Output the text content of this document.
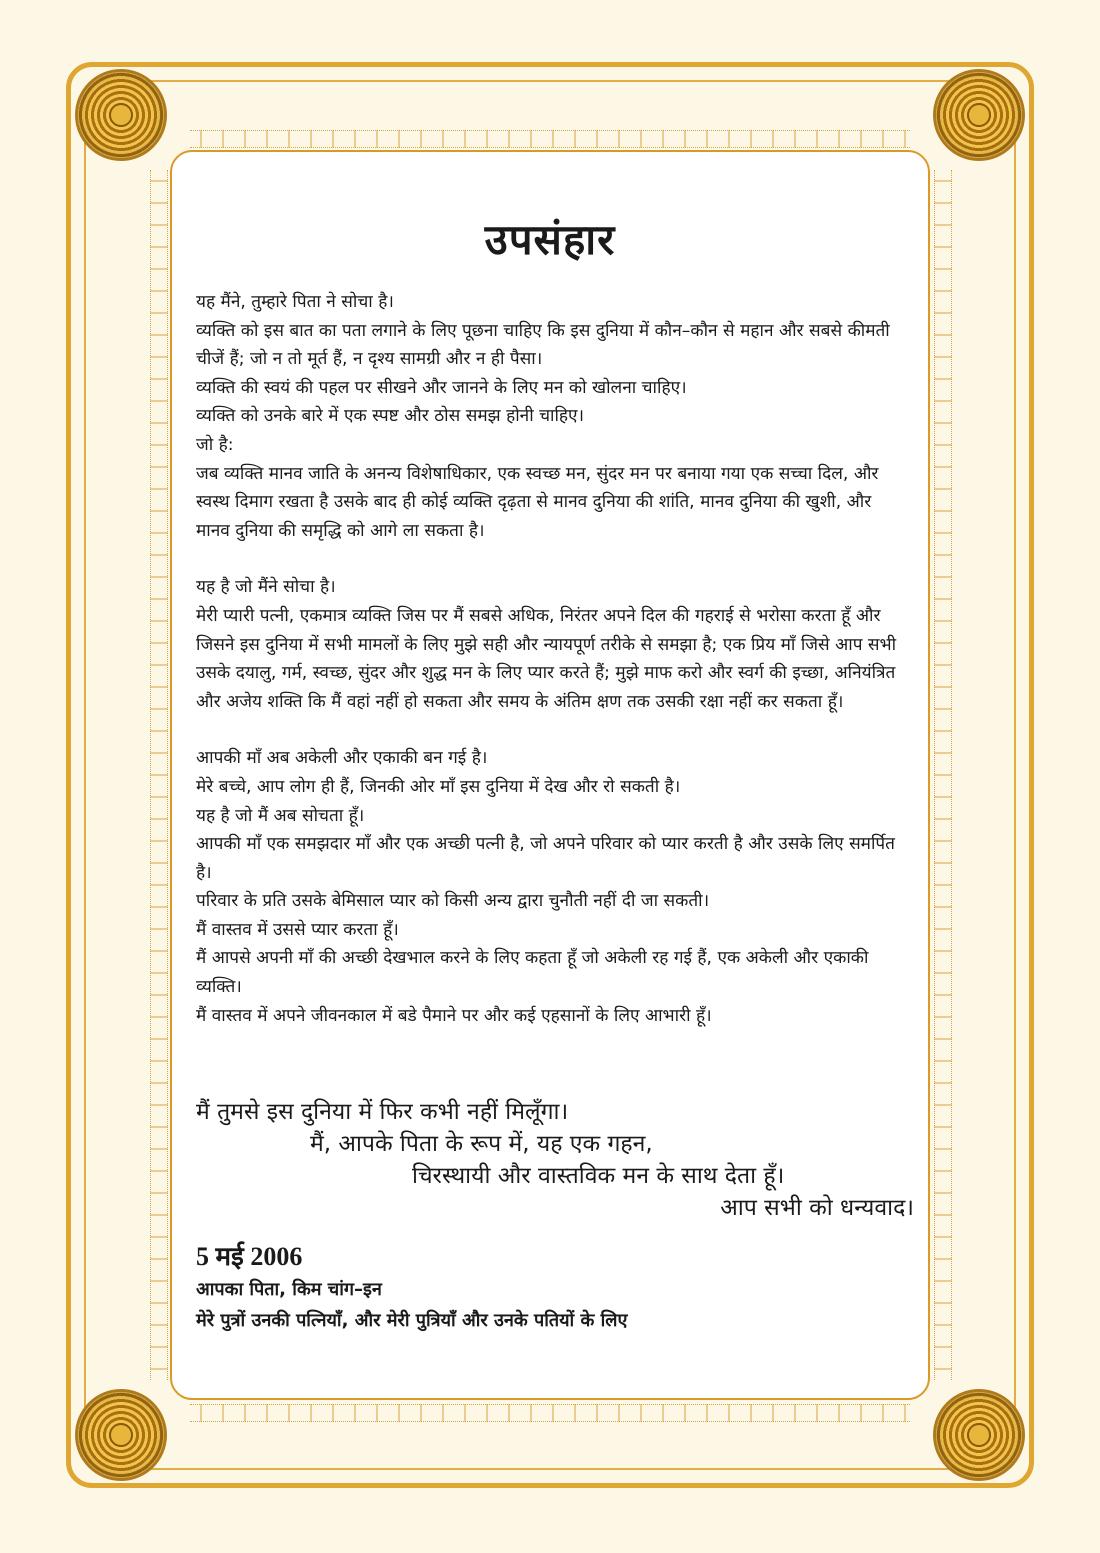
उपसंहार

यह मैंने, तुम्हारे पिता ने सोचा है।

व्यक्ति को इस बात का पता लगाने के लिए पूछना चाहिए कि इस दुनिया में कौन–कौन से महान और सबसे कीमती चीजें हैं; जो न तो मूर्त हैं, न दृश्य सामग्री और न ही पैसा।

व्यक्ति की स्वयं की पहल पर सीखने और जानने के लिए मन को खोलना चाहिए।

व्यक्ति को उनके बारे में एक स्पष्ट और ठोस समझ होनी चाहिए।

जो है:

जब व्यक्ति मानव जाति के अनन्य विशेषाधिकार, एक स्वच्छ मन, सुंदर मन पर बनाया गया एक सच्चा दिल, और स्वस्थ दिमाग रखता है उसके बाद ही कोई व्यक्ति दृढ़ता से मानव दुनिया की शांति, मानव दुनिया की खुशी, और मानव दुनिया की समृद्धि को आगे ला सकता है।

यह है जो मैंने सोचा है।

मेरी प्यारी पत्नी, एकमात्र व्यक्ति जिस पर मैं सबसे अधिक, निरंतर अपने दिल की गहराई से भरोसा करता हूँ और जिसने इस दुनिया में सभी मामलों के लिए मुझे सही और न्यायपूर्ण तरीके से समझा है; एक प्रिय माँ जिसे आप सभी उसके दयालु, गर्म, स्वच्छ, सुंदर और शुद्ध मन के लिए प्यार करते हैं; मुझे माफ करो और स्वर्ग की इच्छा, अनियंत्रित और अजेय शक्ति कि मैं वहां नहीं हो सकता और समय के अंतिम क्षण तक उसकी रक्षा नहीं कर सकता हूँ।

आपकी माँ अब अकेली और एकाकी बन गई है।

मेरे बच्चे, आप लोग ही हैं, जिनकी ओर माँ इस दुनिया में देख और रो सकती है।

यह है जो मैं अब सोचता हूँ।

आपकी माँ एक समझदार माँ और एक अच्छी पत्नी है, जो अपने परिवार को प्यार करती है और उसके लिए समर्पित है।

परिवार के प्रति उसके बेमिसाल प्यार को किसी अन्य द्वारा चुनौती नहीं दी जा सकती।

मैं वास्तव में उससे प्यार करता हूँ।

मैं आपसे अपनी माँ की अच्छी देखभाल करने के लिए कहता हूँ जो अकेली रह गई हैं, एक अकेली और एकाकी व्यक्ति।

मैं वास्तव में अपने जीवनकाल में बडे पैमाने पर और कई एहसानों के लिए आभारी हूँ।

मैं तुमसे इस दुनिया में फिर कभी नहीं मिलूँगा।
मैं, आपके पिता के रूप में, यह एक गहन,
चिरस्थायी और वास्तविक मन के साथ देता हूँ।
आप सभी को धन्यवाद।
5 मई 2006
आपका पिता, किम चांग–इन
मेरे पुत्रों उनकी पत्नियाँ, और मेरी पुत्रियाँ और उनके पतियों के लिए
